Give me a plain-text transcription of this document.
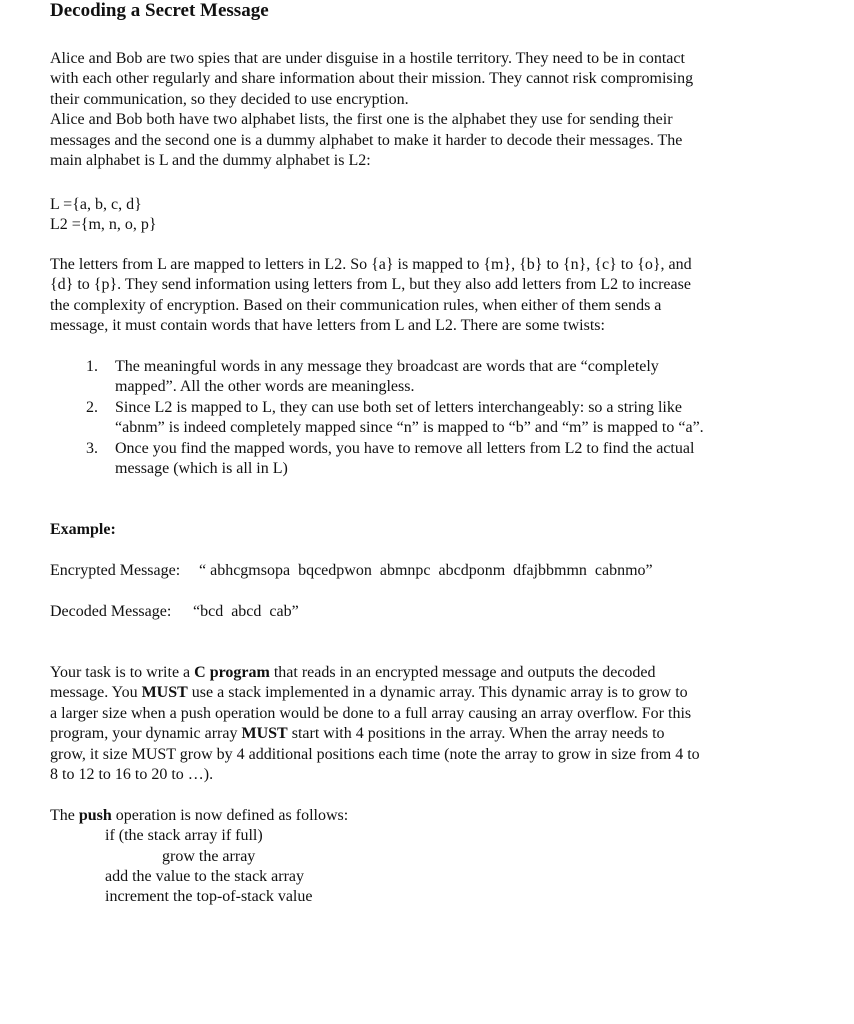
Decoding a Secret Message
Alice and Bob are two spies that are under disguise in a hostile territory. They need to be in contact
with each other regularly and share information about their mission. They cannot risk compromising
their communication, so they decided to use encryption.
Alice and Bob both have two alphabet lists, the first one is the alphabet they use for sending their
messages and the second one is a dummy alphabet to make it harder to decode their messages. The
main alphabet is L and the dummy alphabet is L2:
L ={a, b, c, d}
L2 ={m, n, o, p}
The letters from L are mapped to letters in L2. So {a} is mapped to {m}, {b} to {n}, {c} to {o}, and
{d} to {p}. They send information using letters from L, but they also add letters from L2 to increase
the complexity of encryption. Based on their communication rules, when either of them sends a
message, it must contain words that have letters from L and L2. There are some twists:
1. The meaningful words in any message they broadcast are words that are “completely
mapped”. All the other words are meaningless.
2. Since L2 is mapped to L, they can use both set of letters interchangeably: so a string like
“abnm” is indeed completely mapped since “n” is mapped to “b” and “m” is mapped to “a”.
3. Once you find the mapped words, you have to remove all letters from L2 to find the actual
message (which is all in L)
Example:
Encrypted Message: “ abhcgmsopa  bqcedpwon  abmnpc  abcdponm  dfajbbmmn  cabnmo”
Decoded Message: “bcd  abcd  cab”
Your task is to write a C program that reads in an encrypted message and outputs the decoded
message. You MUST use a stack implemented in a dynamic array. This dynamic array is to grow to
a larger size when a push operation would be done to a full array causing an array overflow. For this
program, your dynamic array MUST start with 4 positions in the array. When the array needs to
grow, it size MUST grow by 4 additional positions each time (note the array to grow in size from 4 to
8 to 12 to 16 to 20 to …).
The push operation is now defined as follows:
if (the stack array if full)
grow the array
add the value to the stack array
increment the top-of-stack value
